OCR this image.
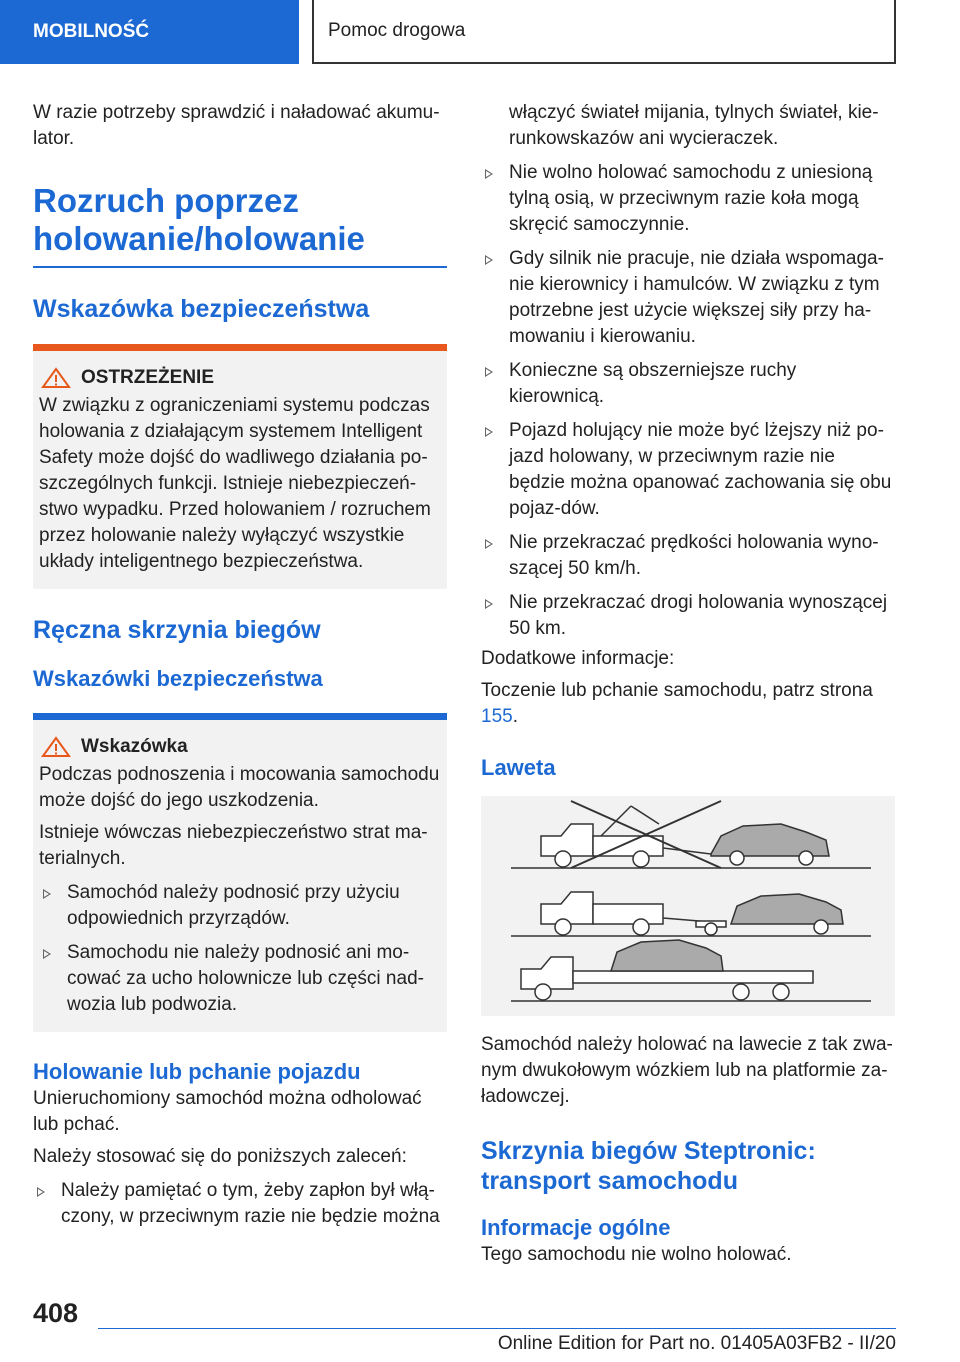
MOBILNOŚĆ	Pomoc drogowa

W razie potrzeby sprawdzić i naładować akumu-lator.

Rozruch poprzez holowanie/holowanie
Wskazówka bezpieczeństwa
OSTRZEŻENIE

W związku z ograniczeniami systemu podczas holowania z działającym systemem Intelligent Safety może dojść do wadliwego działania po-szczególnych funkcji. Istnieje niebezpieczeń-stwo wypadku. Przed holowaniem / rozruchem przez holowanie należy wyłączyć wszystkie układy inteligentnego bezpieczeństwa.

Ręczna skrzynia biegów
Wskazówki bezpieczeństwa
Wskazówka

Podczas podnoszenia i mocowania samochodu może dojść do jego uszkodzenia.

Istnieje wówczas niebezpieczeństwo strat ma-terialnych.

Samochód należy podnosić przy użyciu odpowiednich przyrządów.
Samochodu nie należy podnosić ani mo-cować za ucho holownicze lub części nad-wozia lub podwozia.
Holowanie lub pchanie pojazdu

Unieruchomiony samochód można odholować lub pchać.

Należy stosować się do poniższych zaleceń:

Należy pamiętać o tym, żeby zapłon był włą-czony, w przeciwnym razie nie będzie można

włączyć świateł mijania, tylnych świateł, kie-runkowskazów ani wycieraczek.

Nie wolno holować samochodu z uniesioną tylną osią, w przeciwnym razie koła mogą skręcić samoczynnie.
Gdy silnik nie pracuje, nie działa wspomaga-nie kierownicy i hamulców. W związku z tym potrzebne jest użycie większej siły przy ha-mowaniu i kierowaniu.
Konieczne są obszerniejsze ruchy kierownicą.
Pojazd holujący nie może być lżejszy niż po-jazd holowany, w przeciwnym razie nie będzie można opanować zachowania się obu pojaz-dów.
Nie przekraczać prędkości holowania wyno-szącej 50 km/h.
Nie przekraczać drogi holowania wynoszącej 50 km.

Dodatkowe informacje:

Toczenie lub pchanie samochodu, patrz strona 155.

Laweta

Samochód należy holować na lawecie z tak zwa-nym dwukołowym wózkiem lub na platformie za-ładowczej.

Skrzynia biegów Steptronic: transport samochodu
Informacje ogólne

Tego samochodu nie wolno holować.

408
Online Edition for Part no. 01405A03FB2 - II/20
